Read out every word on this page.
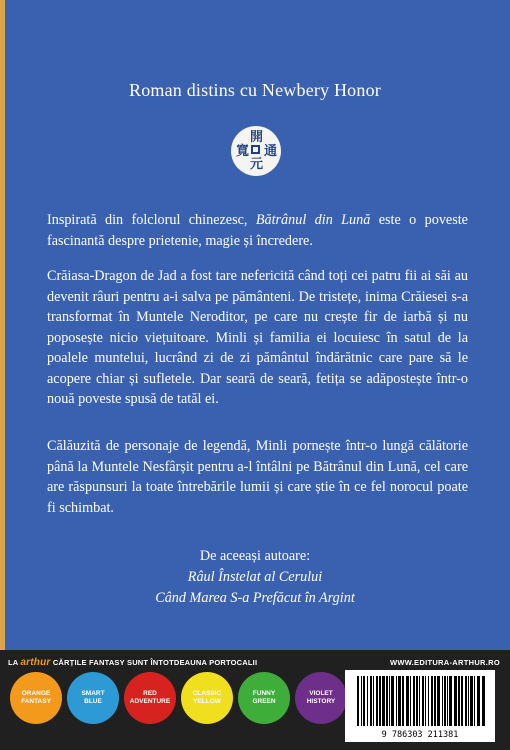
Roman distins cu Newbery Honor
開
寬 通
元

Inspirată din folclorul chinezesc, Bătrânul din Lună este o poveste fascinantă despre prietenie, magie și încredere.

Crăiasa-Dragon de Jad a fost tare nefericită când toți cei patru fii ai săi au devenit râuri pentru a-i salva pe pământeni. De tristețe, inima Crăiesei s-a transformat în Muntele Neroditor, pe care nu crește fir de iarbă și nu poposește nicio viețuitoare. Minli și familia ei locuiesc în satul de la poalele muntelui, lucrând zi de zi pământul îndărătnic care pare să le acopere chiar și sufletele. Dar seară de seară, fetița se adăpostește într-o nouă poveste spusă de tatăl ei.

Călăuzită de personaje de legendă, Minli pornește într-o lungă călătorie până la Muntele Nesfârșit pentru a-l întâlni pe Bătrânul din Lună, cel care are răspunsuri la toate întrebările lumii și care știe în ce fel norocul poate fi schimbat.

De aceeași autoare:
Râul Înstelat al Cerului
Când Marea S-a Prefăcut în Argint
LA arthur CĂRȚILE FANTASY SUNT ÎNTOTDEAUNA PORTOCALII	WWW.EDITURA-ARTHUR.RO
ORANGE
FANTASY
SMART
BLUE
RED
ADVENTURE
CLASSIC
YELLOW
FUNNY
GREEN
VIOLET
HISTORY
9 786303 211381
